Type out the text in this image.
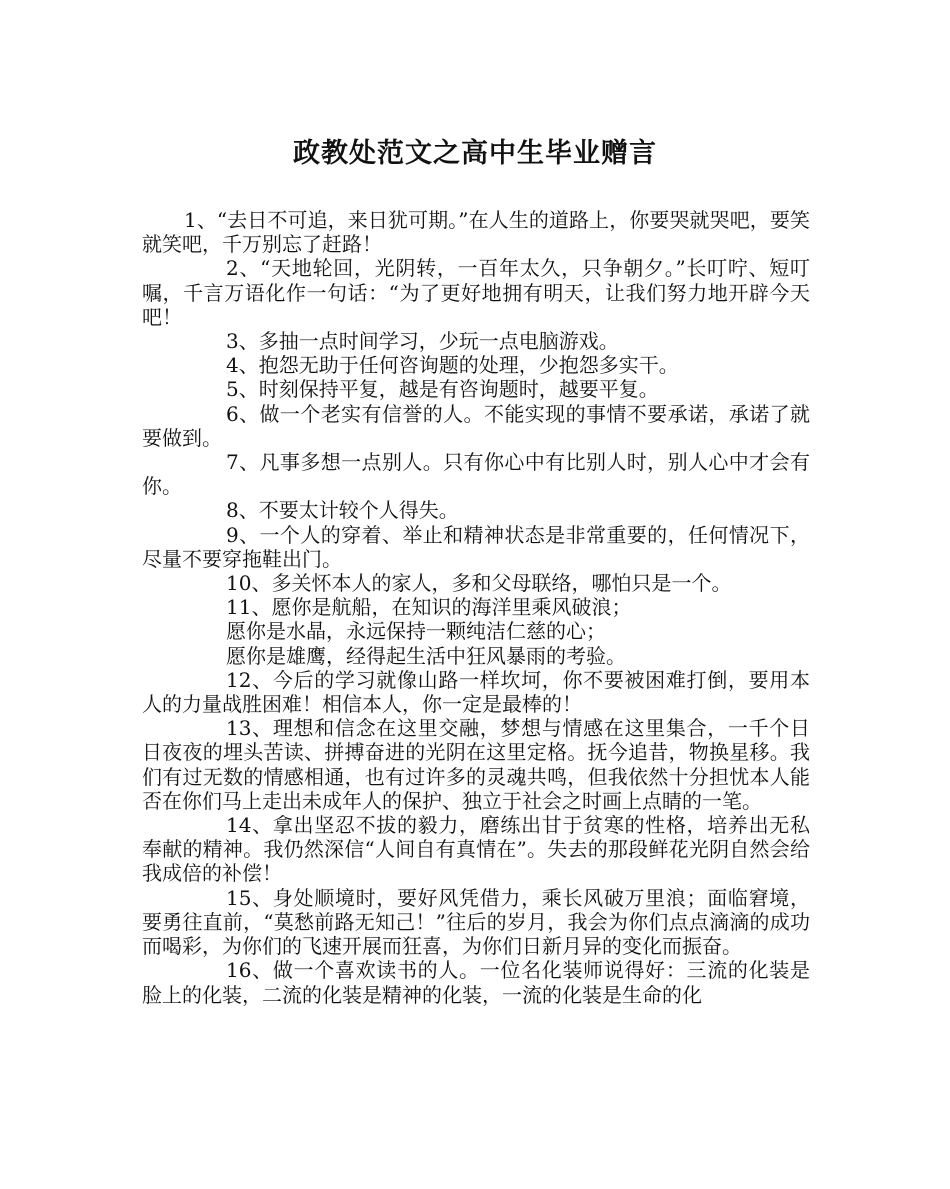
政教处范文之高中生毕业赠言

1、“去日不可追，来日犹可期。”在人生的道路上，你要哭就哭吧，要笑就笑吧，千万别忘了赶路！

2、“天地轮回，光阴转，一百年太久，只争朝夕。”长叮咛、短叮嘱，千言万语化作一句话：“为了更好地拥有明天，让我们努力地开辟今天吧！

3、多抽一点时间学习，少玩一点电脑游戏。

4、抱怨无助于任何咨询题的处理，少抱怨多实干。

5、时刻保持平复，越是有咨询题时，越要平复。

6、做一个老实有信誉的人。不能实现的事情不要承诺，承诺了就要做到。

7、凡事多想一点别人。只有你心中有比别人时，别人心中才会有你。

8、不要太计较个人得失。

9、一个人的穿着、举止和精神状态是非常重要的，任何情况下，尽量不要穿拖鞋出门。

10、多关怀本人的家人，多和父母联络，哪怕只是一个。

11、愿你是航船，在知识的海洋里乘风破浪；

愿你是水晶，永远保持一颗纯洁仁慈的心；

愿你是雄鹰，经得起生活中狂风暴雨的考验。

12、今后的学习就像山路一样坎坷，你不要被困难打倒，要用本人的力量战胜困难！相信本人，你一定是最棒的！

13、理想和信念在这里交融，梦想与情感在这里集合，一千个日日夜夜的埋头苦读、拼搏奋进的光阴在这里定格。抚今追昔，物换星移。我们有过无数的情感相通，也有过许多的灵魂共鸣，但我依然十分担忧本人能否在你们马上走出未成年人的保护、独立于社会之时画上点睛的一笔。

14、拿出坚忍不拔的毅力，磨练出甘于贫寒的性格，培养出无私奉献的精神。我仍然深信“人间自有真情在”。失去的那段鲜花光阴自然会给我成倍的补偿！

15、身处顺境时，要好风凭借力，乘长风破万里浪；面临窘境，要勇往直前，“莫愁前路无知己！”往后的岁月，我会为你们点点滴滴的成功而喝彩，为你们的飞速开展而狂喜，为你们日新月异的变化而振奋。

16、做一个喜欢读书的人。一位名化装师说得好：三流的化装是脸上的化装，二流的化装是精神的化装，一流的化装是生命的化
